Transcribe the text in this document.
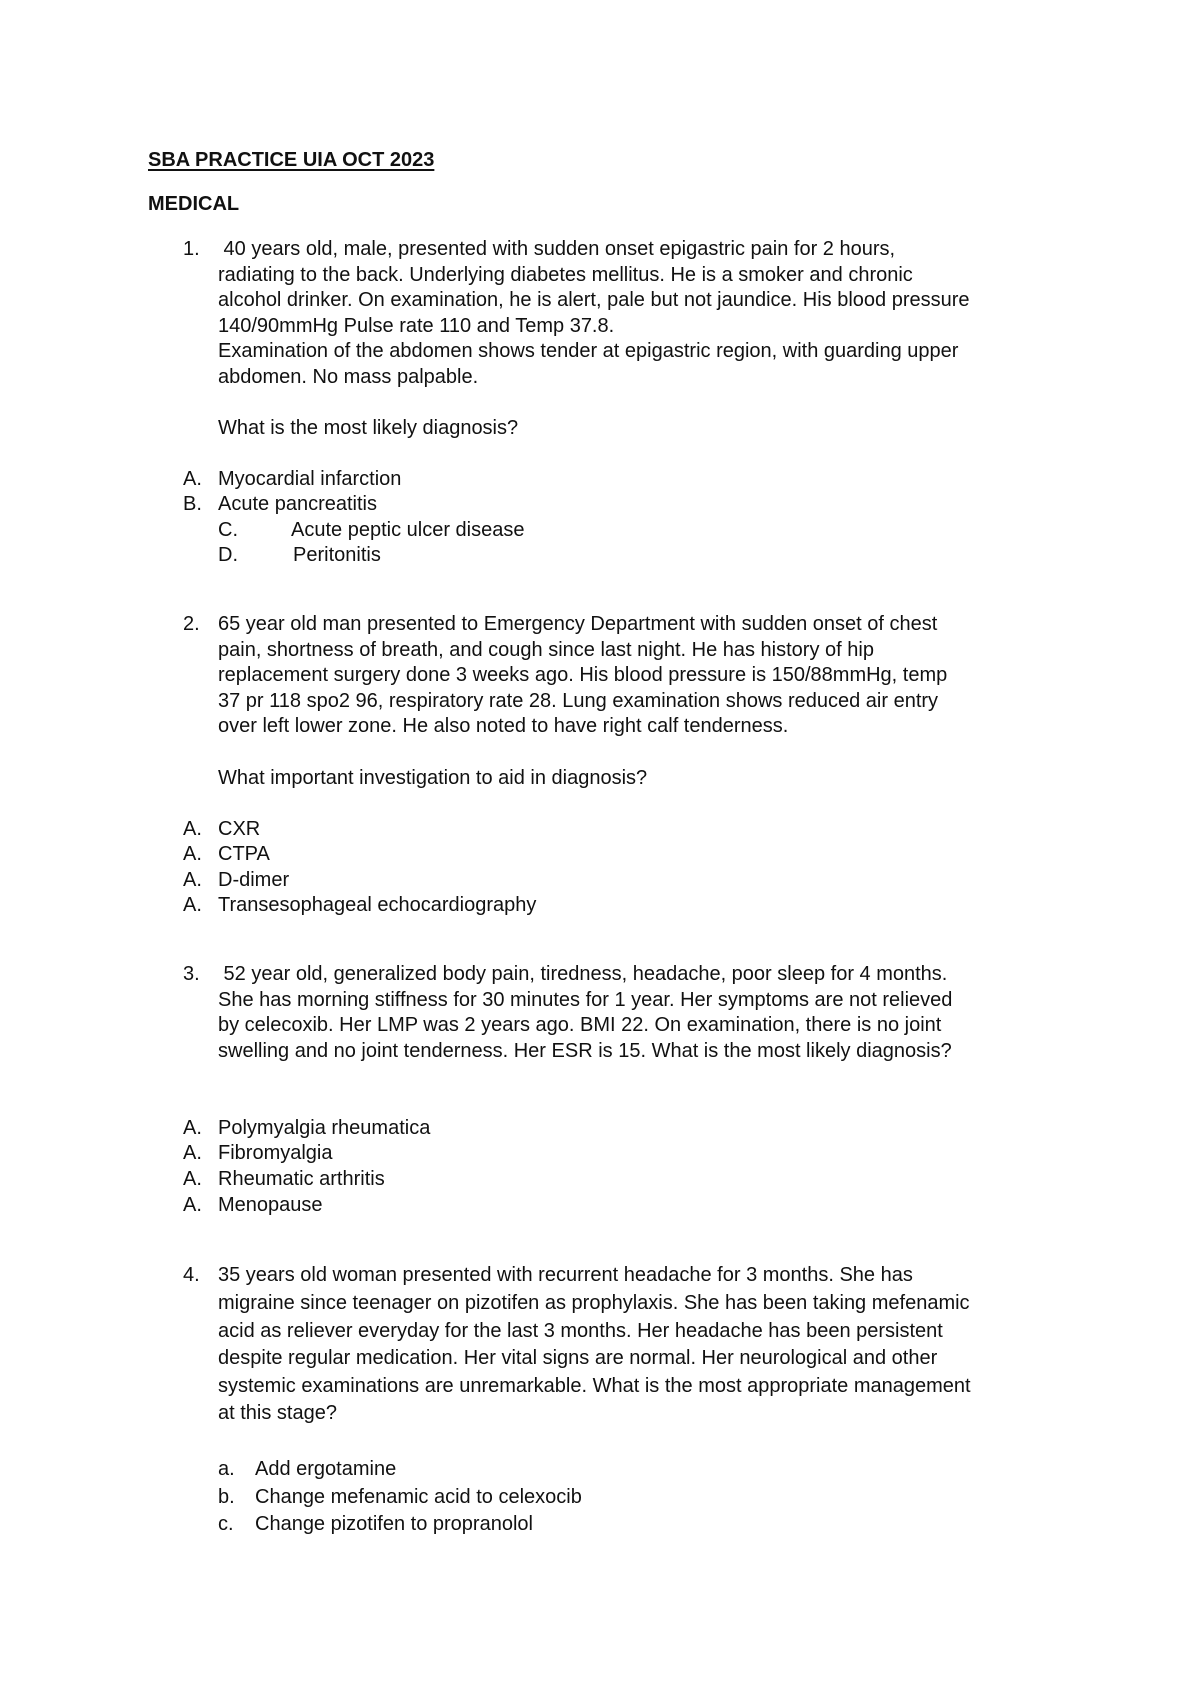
SBA PRACTICE UIA OCT 2023
MEDICAL
1. 40 years old, male, presented with sudden onset epigastric pain for 2 hours,
radiating to the back. Underlying diabetes mellitus. He is a smoker and chronic
alcohol drinker. On examination, he is alert, pale but not jaundice. His blood pressure
140/90mmHg Pulse rate 110 and Temp 37.8.
Examination of the abdomen shows tender at epigastric region, with guarding upper
abdomen. No mass palpable.
What is the most likely diagnosis?
A. Myocardial infarction
B. Acute pancreatitis
C.	Acute peptic ulcer disease
D.	Peritonitis
2. 65 year old man presented to Emergency Department with sudden onset of chest
pain, shortness of breath, and cough since last night. He has history of hip
replacement surgery done 3 weeks ago. His blood pressure is 150/88mmHg, temp
37 pr 118 spo2 96, respiratory rate 28. Lung examination shows reduced air entry
over left lower zone. He also noted to have right calf tenderness.
What important investigation to aid in diagnosis?
A. CXR
A. CTPA
A. D-dimer
A. Transesophageal echocardiography
3. 52 year old, generalized body pain, tiredness, headache, poor sleep for 4 months.
She has morning stiffness for 30 minutes for 1 year. Her symptoms are not relieved
by celecoxib. Her LMP was 2 years ago. BMI 22. On examination, there is no joint
swelling and no joint tenderness. Her ESR is 15. What is the most likely diagnosis?
A. Polymyalgia rheumatica
A. Fibromyalgia
A. Rheumatic arthritis
A. Menopause
4. 35 years old woman presented with recurrent headache for 3 months. She has
migraine since teenager on pizotifen as prophylaxis. She has been taking mefenamic
acid as reliever everyday for the last 3 months. Her headache has been persistent
despite regular medication. Her vital signs are normal. Her neurological and other
systemic examinations are unremarkable. What is the most appropriate management
at this stage?
a. Add ergotamine
b. Change mefenamic acid to celexocib
c. Change pizotifen to propranolol
